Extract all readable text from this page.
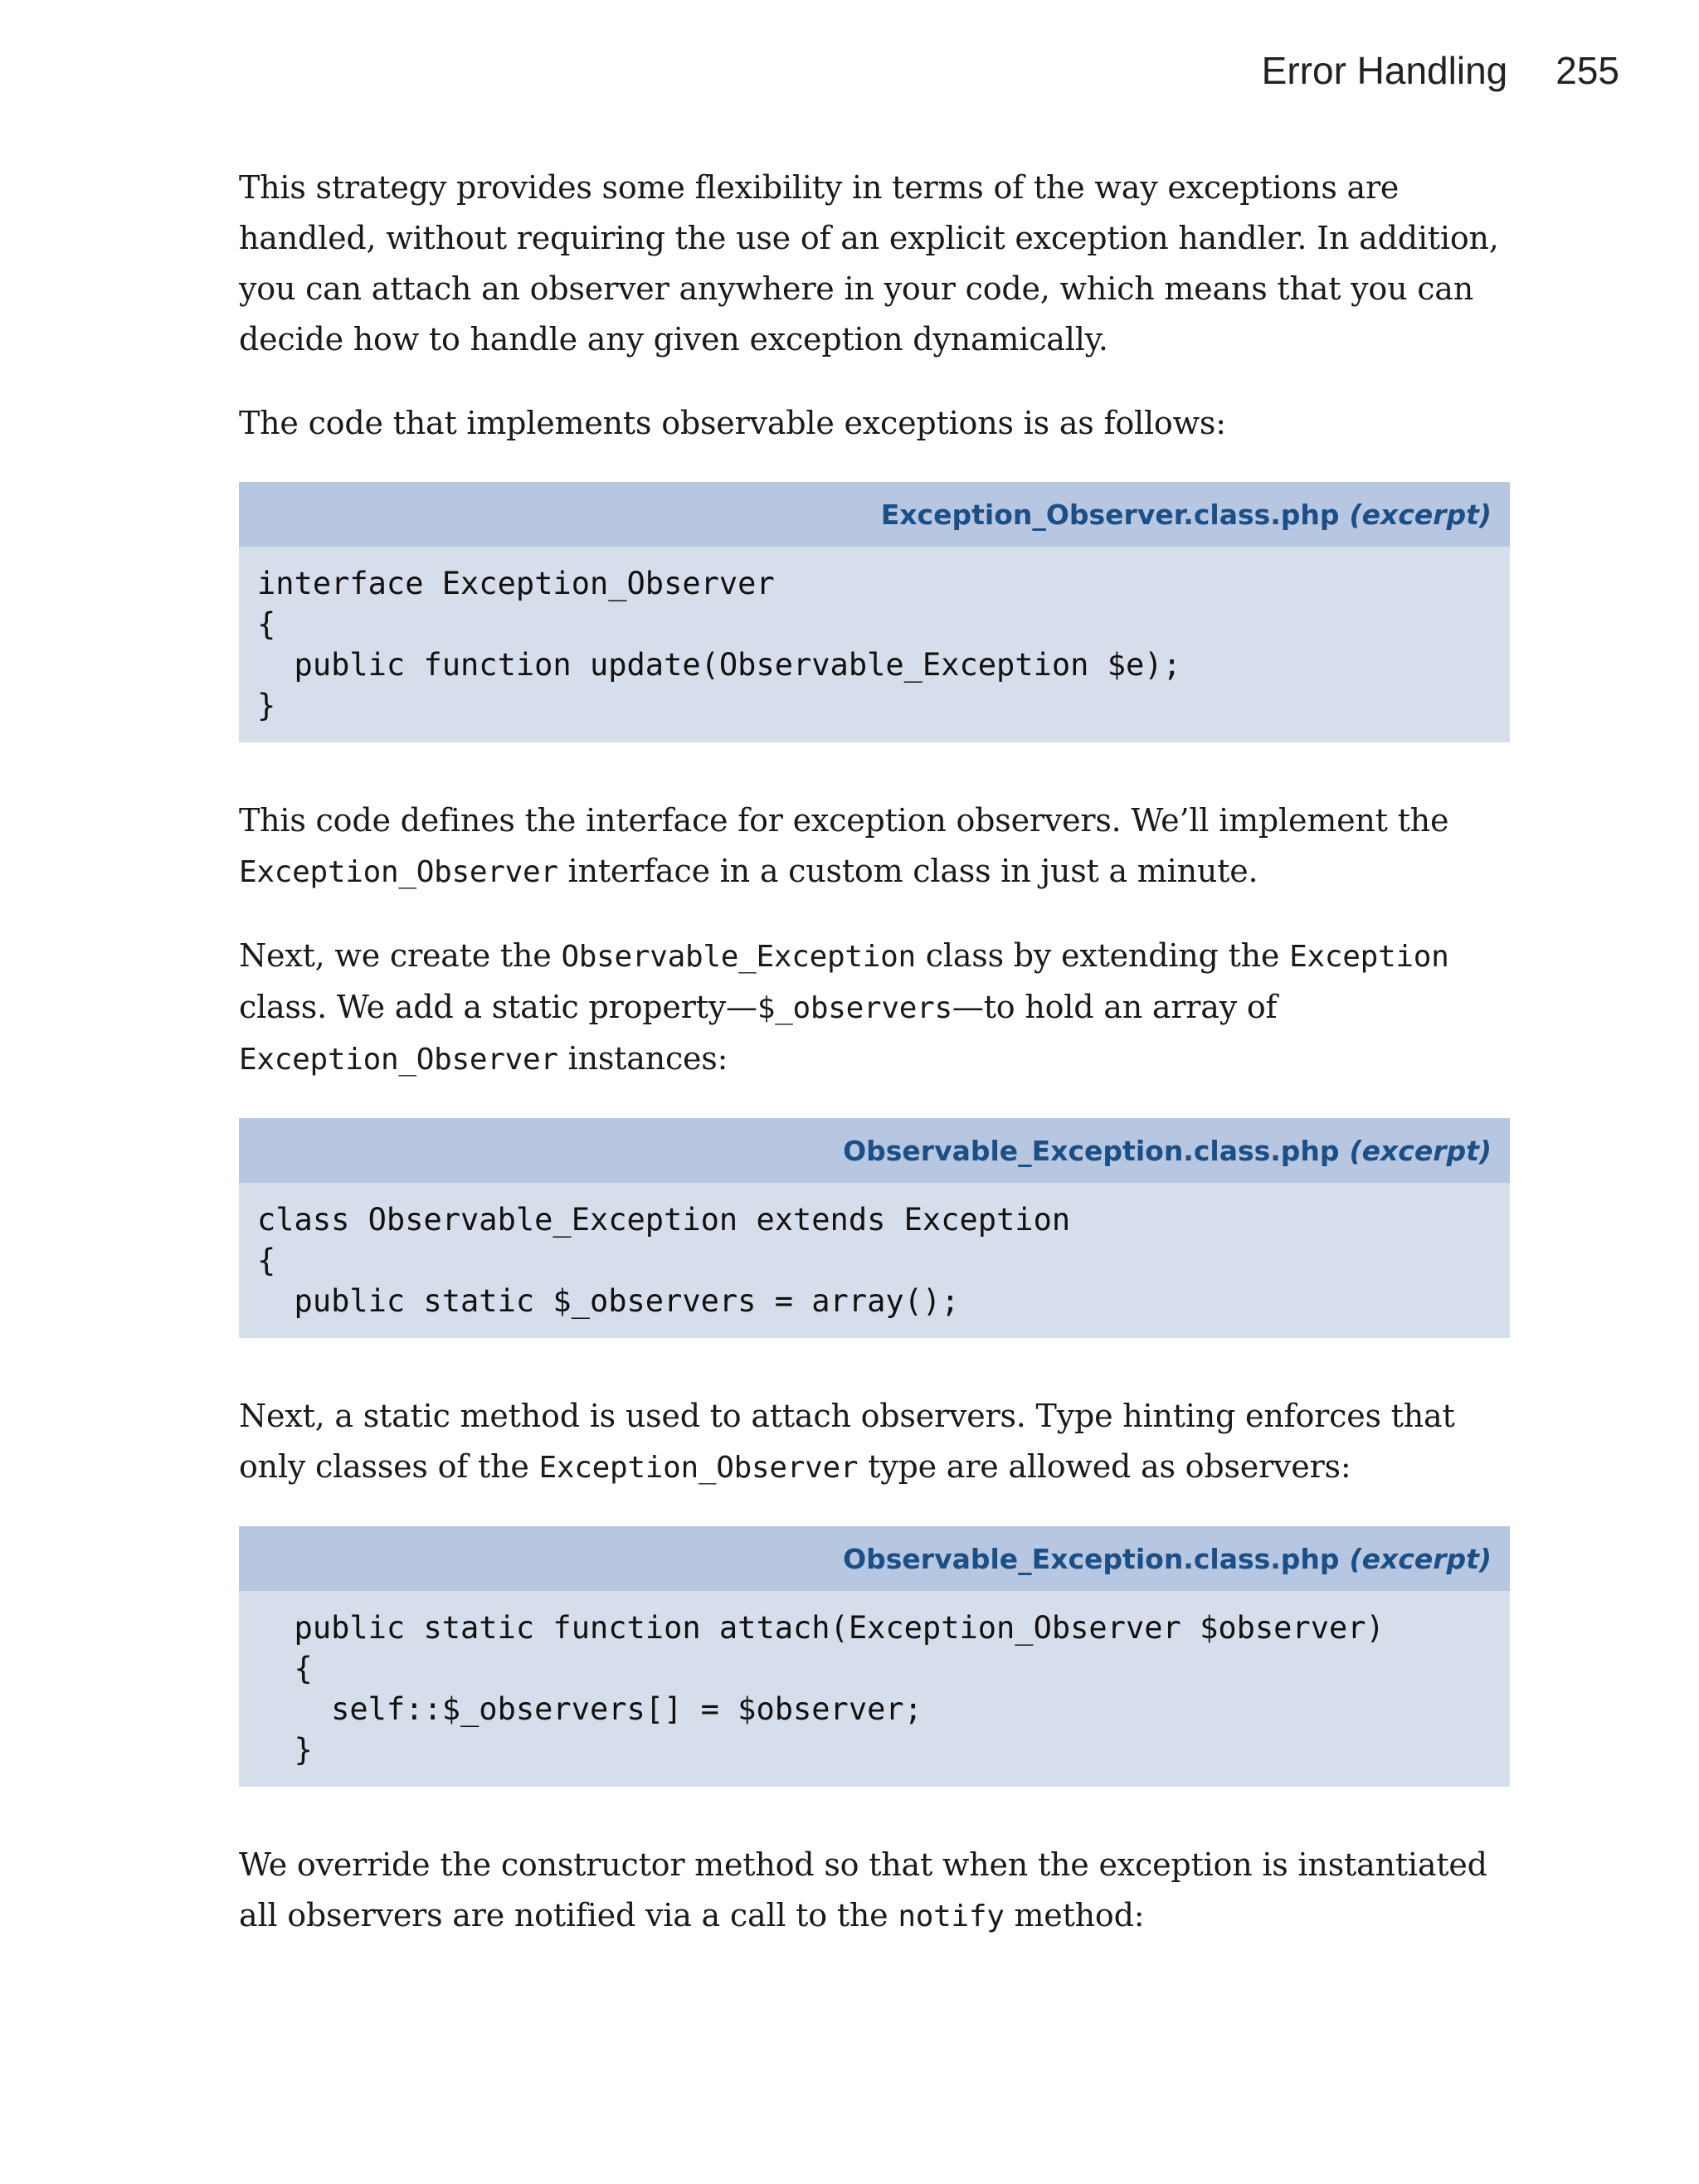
Error Handling 255

This strategy provides some flexibility in terms of the way exceptions are handled, without requiring the use of an explicit exception handler. In addition, you can attach an observer anywhere in your code, which means that you can decide how to handle any given exception dynamically.

The code that implements observable exceptions is as follows:

Exception_Observer.class.php (excerpt)
interface Exception_Observer
{
public function update(Observable_Exception $e);
}

This code defines the interface for exception observers. We’ll implement the Exception_Observer interface in a custom class in just a minute.

Next, we create the Observable_Exception class by extending the Exception class. We add a static property—$_observers—to hold an array of Exception_Observer instances:

Observable_Exception.class.php (excerpt)
class Observable_Exception extends Exception
{
public static $_observers = array();

Next, a static method is used to attach observers. Type hinting enforces that only classes of the Exception_Observer type are allowed as observers:

Observable_Exception.class.php (excerpt)
public static function attach(Exception_Observer $observer)
{
self::$_observers[] = $observer;
}

We override the constructor method so that when the exception is instantiated all observers are notified via a call to the notify method:
